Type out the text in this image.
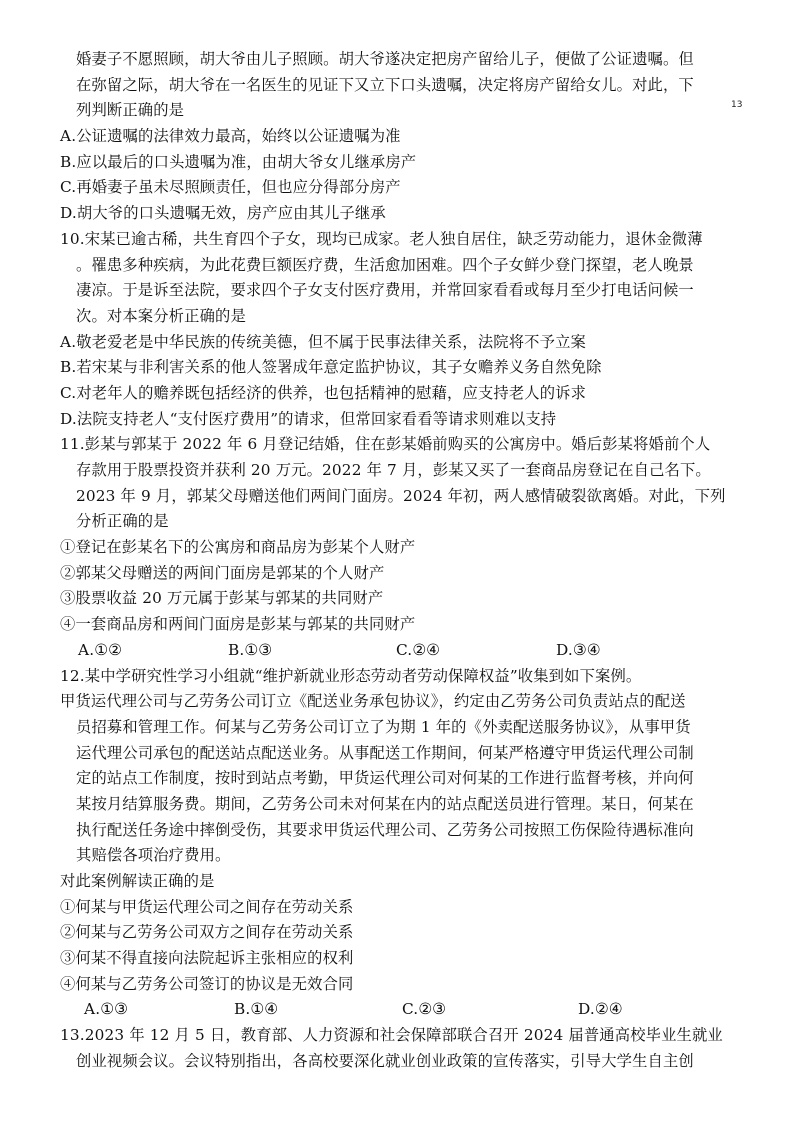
13
婚妻子不愿照顾，胡大爷由儿子照顾。胡大爷遂决定把房产留给儿子，便做了公证遗嘱。但
在弥留之际，胡大爷在一名医生的见证下又立下口头遗嘱，决定将房产留给女儿。对此，下
列判断正确的是
A.公证遗嘱的法律效力最高，始终以公证遗嘱为准
B.应以最后的口头遗嘱为准，由胡大爷女儿继承房产
C.再婚妻子虽未尽照顾责任，但也应分得部分房产
D.胡大爷的口头遗嘱无效，房产应由其儿子继承
10.宋某已逾古稀，共生育四个子女，现均已成家。老人独自居住，缺乏劳动能力，退休金微薄
。罹患多种疾病，为此花费巨额医疗费，生活愈加困难。四个子女鲜少登门探望，老人晚景
凄凉。于是诉至法院，要求四个子女支付医疗费用，并常回家看看或每月至少打电话问候一
次。对本案分析正确的是
A.敬老爱老是中华民族的传统美德，但不属于民事法律关系，法院将不予立案
B.若宋某与非利害关系的他人签署成年意定监护协议，其子女赡养义务自然免除
C.对老年人的赡养既包括经济的供养，也包括精神的慰藉，应支持老人的诉求
D.法院支持老人“支付医疗费用”的请求，但常回家看看等请求则难以支持
11.彭某与郭某于 2022 年 6 月登记结婚，住在彭某婚前购买的公寓房中。婚后彭某将婚前个人
存款用于股票投资并获利 20 万元。2022 年 7 月，彭某又买了一套商品房登记在自己名下。
2023 年 9 月，郭某父母赠送他们两间门面房。2024 年初，两人感情破裂欲离婚。对此，下列
分析正确的是
①登记在彭某名下的公寓房和商品房为彭某个人财产
②郭某父母赠送的两间门面房是郭某的个人财产
③股票收益 20 万元属于彭某与郭某的共同财产
④一套商品房和两间门面房是彭某与郭某的共同财产
A.①②	B.①③	C.②④	D.③④
12.某中学研究性学习小组就“维护新就业形态劳动者劳动保障权益”收集到如下案例。
甲货运代理公司与乙劳务公司订立《配送业务承包协议》，约定由乙劳务公司负责站点的配送
员招募和管理工作。何某与乙劳务公司订立了为期 1 年的《外卖配送服务协议》，从事甲货
运代理公司承包的配送站点配送业务。从事配送工作期间，何某严格遵守甲货运代理公司制
定的站点工作制度，按时到站点考勤，甲货运代理公司对何某的工作进行监督考核，并向何
某按月结算服务费。期间，乙劳务公司未对何某在内的站点配送员进行管理。某日，何某在
执行配送任务途中摔倒受伤，其要求甲货运代理公司、乙劳务公司按照工伤保险待遇标准向
其赔偿各项治疗费用。
对此案例解读正确的是
①何某与甲货运代理公司之间存在劳动关系
②何某与乙劳务公司双方之间存在劳动关系
③何某不得直接向法院起诉主张相应的权利
④何某与乙劳务公司签订的协议是无效合同
A.①③	B.①④	C.②③	D.②④
13.2023 年 12 月 5 日，教育部、人力资源和社会保障部联合召开 2024 届普通高校毕业生就业
创业视频会议。会议特别指出，各高校要深化就业创业政策的宣传落实，引导大学生自主创
